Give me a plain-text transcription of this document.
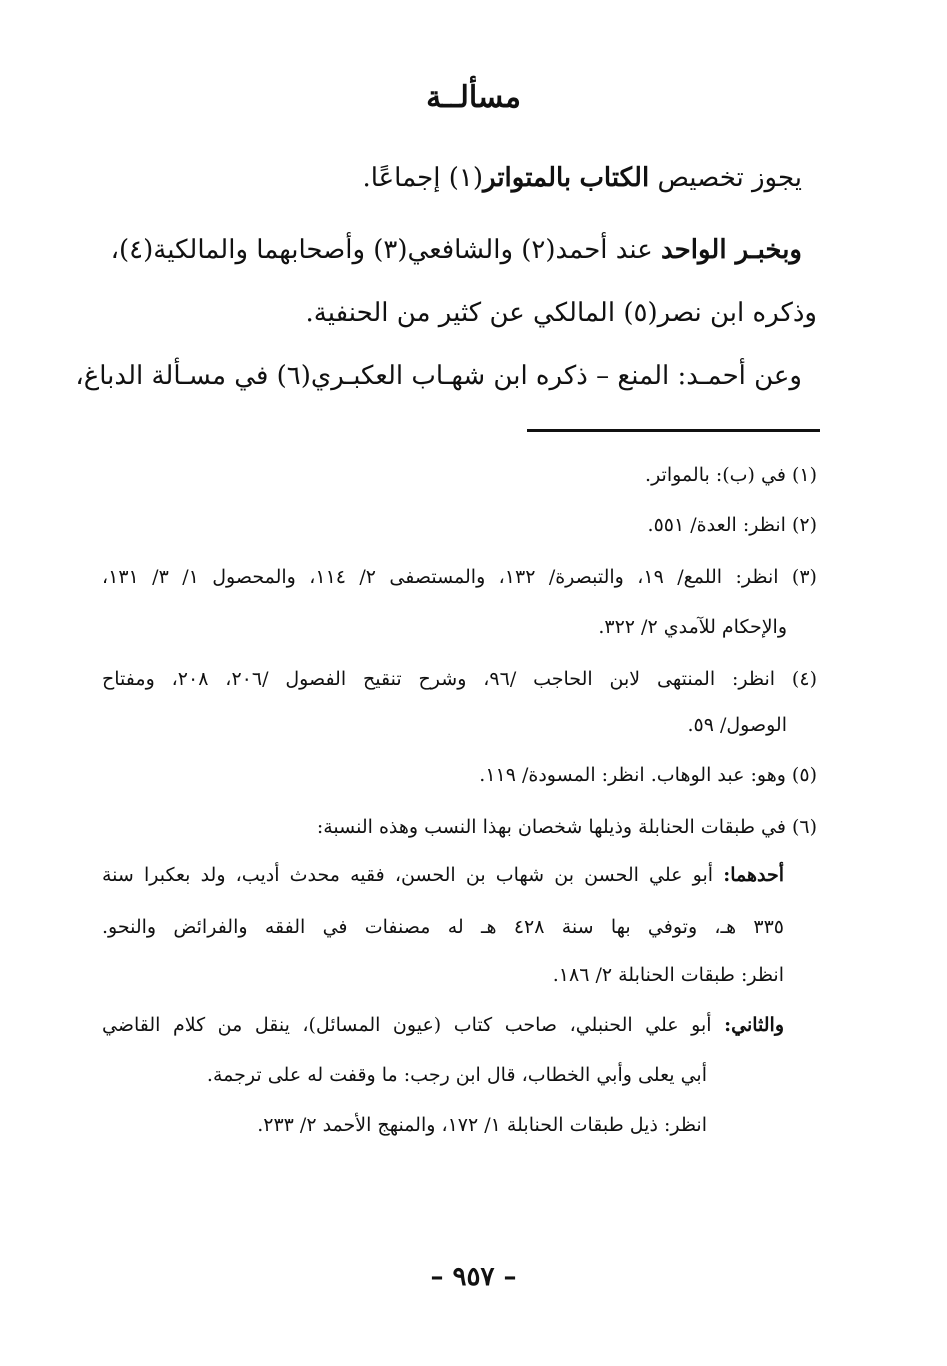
مسألــة

يجوز تخصيص الكتاب بالمتواتر(١) إجماعًا.

وبخبـر الواحد عند أحمد(٢) والشافعي(٣) وأصحابهما والمالكية(٤)،

وذكره ابن نصر(٥) المالكي عن كثير من الحنفية.

وعن أحمـد: المنع – ذكره ابن شهـاب العكبـري(٦) في مسـألة الدباغ،

(١) في (ب): بالمواتر.

(٢) انظر: العدة/ ٥٥١.

(٣) انظر: اللمع/ ١٩، والتبصرة/ ١٣٢، والمستصفى ٢/ ١١٤، والمحصول ١/ ٣/ ١٣١،

والإحكام للآمدي ٢/ ٣٢٢.

(٤) انظر: المنتهى لابن الحاجب /٩٦، وشرح تنقيح الفصول /٢٠٦، ٢٠٨، ومفتاح

الوصول/ ٥٩.

(٥) وهو: عبد الوهاب. انظر: المسودة/ ١١٩.

(٦) في طبقات الحنابلة وذيلها شخصان بهذا النسب وهذه النسبة:

أحدهما: أبو علي الحسن بن شهاب بن الحسن، فقيه محدث أديب، ولد بعكبرا سنة

٣٣٥ هـ، وتوفي بها سنة ٤٢٨ هـ له مصنفات في الفقه والفرائض والنحو.

انظر: طبقات الحنابلة ٢/ ١٨٦.

والثاني: أبو علي الحنبلي، صاحب كتاب (عيون المسائل)، ينقل من كلام القاضي

أبي يعلى وأبي الخطاب، قال ابن رجب: ما وقفت له على ترجمة.

انظر: ذيل طبقات الحنابلة ١/ ١٧٢، والمنهج الأحمد ٢/ ٢٣٣.

– ٩٥٧ –
